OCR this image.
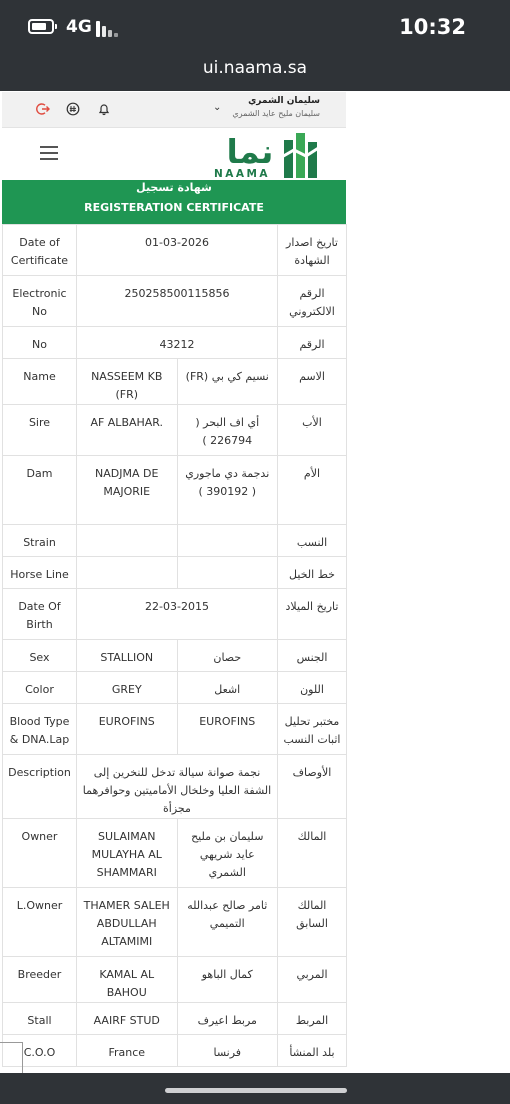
4G	10:32
ui.naama.sa
⌄
سليمان الشمري
سليمان مليح عايد الشمري
نما
NAAMA
شهادة تسجيل
REGISTERATION CERTIFICATE
Date of Certificate	01-03-2026		تاريخ اصدار الشهادة
Electronic No	250258500115856		الرقم الالكتروني
No	43212		الرقم
Name	NASSEEM KB (FR)	نسيم كي بي (FR)	الاسم
Sire	AF ALBAHAR.	أي اف البحر ( 226794 )	الأب
Dam	NADJMA DE MAJORIE	ندجمة دي ماجوري ( 390192 )	الأم
Strain			النسب
Horse Line			خط الخيل
Date Of Birth	22-03-2015		تاريخ الميلاد
Sex	STALLION	حصان	الجنس
Color	GREY	اشعل	اللون
Blood Type & DNA.Lap	EUROFINS	EUROFINS	مختبر تحليل اثبات النسب
Description	نجمة صوانة سيالة تدخل للنخرين إلى الشفة العليا وخلخال الأماميتين وحوافرهما مجزأة		الأوصاف
Owner	SULAIMAN MULAYHA AL SHAMMARI	سليمان بن مليح عايد شريهي الشمري	المالك
L.Owner	THAMER SALEH ABDULLAH ALTAMIMI	ثامر صالح عبدالله التميمي	المالك السابق
Breeder	KAMAL AL BAHOU	كمال الباهو	المربي
Stall	AAIRF STUD	مربط اعيرف	المربط
C.O.O	France	فرنسا	بلد المنشأ
